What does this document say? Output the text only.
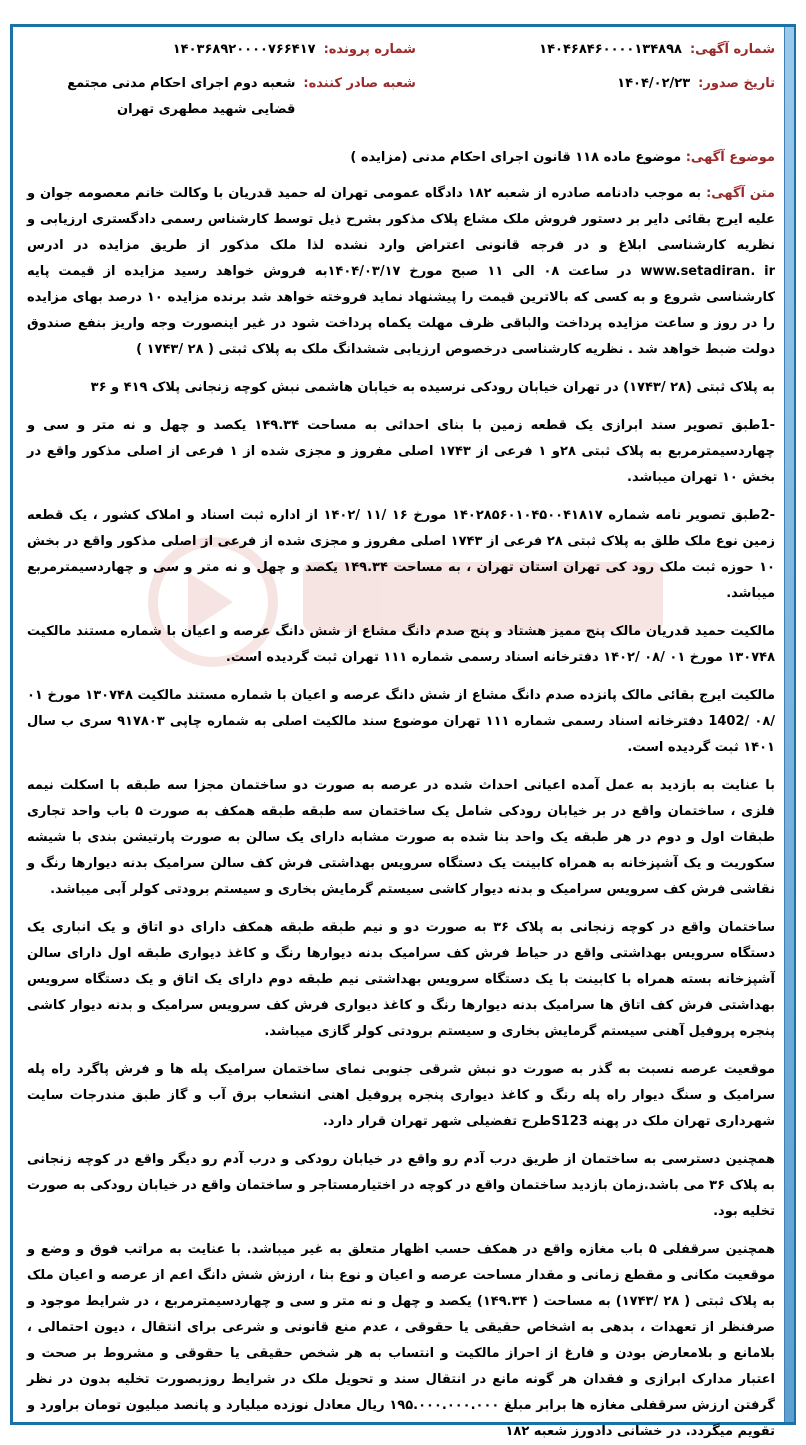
شماره آگهی:
۱۴۰۴۶۸۴۶۰۰۰۰۱۳۴۸۹۸
شماره پرونده:
۱۴۰۳۶۸۹۲۰۰۰۰۷۶۶۴۱۷
تاریخ صدور:
۱۴۰۴/۰۲/۲۳
شعبه صادر کننده:
شعبه دوم اجرای احکام مدنی مجتمع قضایی شهید مطهری تهران
موضوع آگهی: موضوع ماده ۱۱۸ قانون اجرای احکام مدنی (مزایده )

متن آگهی: به موجب دادنامه صادره از شعبه ۱۸۲ دادگاه عمومی تهران له حمید قدریان با وکالت خانم معصومه جوان و علیه ایرج بقائی دایر بر دستور فروش ملک مشاع پلاک مذکور بشرح ذیل توسط کارشناس رسمی دادگستری ارزیابی و نظریه کارشناسی ابلاغ و در فرجه قانونی اعتراض وارد نشده لذا ملک مذکور از طریق مزایده در ادرس www.setadiran. ir در ساعت ۰۸ الی ۱۱ صبح مورخ ۱۴۰۴/۰۳/۱۷به فروش خواهد رسید مزایده از قیمت پایه کارشناسی شروع و به کسی که بالاترین قیمت را پیشنهاد نماید فروخته خواهد شد برنده مزایده ۱۰ درصد بهای مزایده را در روز و ساعت مزایده پرداخت والباقی ظرف مهلت یکماه پرداخت شود در غیر اینصورت وجه واریز بنفع صندوق دولت ضبط خواهد شد . نظریه کارشناسی درخصوص ارزیابی ششدانگ ملک به پلاک ثبتی ( ۲۸ /۱۷۴۳ )

به پلاک ثبتی (۲۸ /۱۷۴۳) در تهران خیابان رودکی نرسیده به خیابان هاشمی نبش کوچه زنجانی پلاک ۴۱۹ و ۳۶

-1طبق تصویر سند ابرازی یک قطعه زمین با بنای احداثی به مساحت ۱۴۹.۳۴ یکصد و چهل و نه متر و سی و چهاردسیمترمربع به پلاک ثبتی ۲۸و ۱ فرعی از ۱۷۴۳ اصلی مفروز و مجزی شده از ۱ فرعی از اصلی مذکور واقع در بخش ۱۰ تهران میباشد.

-2طبق تصویر نامه شماره ۱۴۰۲۸۵۶۰۱۰۴۵۰۰۴۱۸۱۷ مورخ ۱۶ /۱۱ /۱۴۰۲ از اداره ثبت اسناد و املاک کشور ، یک قطعه زمین نوع ملک طلق به پلاک ثبتی ۲۸ فرعی از ۱۷۴۳ اصلی مفروز و مجزی شده از فرعی از اصلی مذکور واقع در بخش ۱۰ حوزه ثبت ملک رود کی تهران استان تهران ، به مساحت ۱۴۹.۳۴ یکصد و چهل و نه متر و سی و چهاردسیمترمربع میباشد.

مالکیت حمید قدریان مالک پنج ممیز هشتاد و پنج صدم دانگ مشاع از شش دانگ عرصه و اعیان با شماره مستند مالکیت ۱۳۰۷۴۸ مورخ ۰۱ /۰۸ /۱۴۰۲ دفترخانه اسناد رسمی شماره ۱۱۱ تهران ثبت گردیده است.

مالکیت ایرج بقائی مالک پانزده صدم دانگ مشاع از شش دانگ عرصه و اعیان با شماره مستند مالکیت ۱۳۰۷۴۸ مورخ ۰۱ /۰۸ /1402 دفترخانه اسناد رسمی شماره ۱۱۱ تهران موضوع سند مالکیت اصلی به شماره چاپی ۹۱۷۸۰۳ سری ب سال ۱۴۰۱ ثبت گردیده است.

با عنایت به بازدید به عمل آمده اعیانی احداث شده در عرصه به صورت دو ساختمان مجزا سه طبقه با اسکلت نیمه فلزی ، ساختمان واقع در بر خیابان رودکی شامل یک ساختمان سه طبقه طبقه همکف به صورت ۵ باب واحد تجاری طبقات اول و دوم در هر طبقه یک واحد بنا شده به صورت مشابه دارای یک سالن به صورت پارتیشن بندی با شیشه سکوریت و یک آشپزخانه به همراه کابینت یک دستگاه سرویس بهداشتی فرش کف سالن سرامیک بدنه دیوارها رنگ و نقاشی فرش کف سرویس سرامیک و بدنه دیوار کاشی سیستم گرمایش بخاری و سیستم برودتی کولر آبی میباشد.

ساختمان واقع در کوچه زنجانی به پلاک ۳۶ به صورت دو و نیم طبقه طبقه همکف دارای دو اتاق و یک انباری یک دستگاه سرویس بهداشتی واقع در حیاط فرش کف سرامیک بدنه دیوارها رنگ و کاغذ دیواری طبقه اول دارای سالن آشپزخانه بسته همراه با کابینت با یک دستگاه سرویس بهداشتی نیم طبقه دوم دارای یک اتاق و یک دستگاه سرویس بهداشتی فرش کف اتاق ها سرامیک بدنه دیوارها رنگ و کاغذ دیواری فرش کف سرویس سرامیک و بدنه دیوار کاشی پنجره پروفیل آهنی سیستم گرمایش بخاری و سیستم برودتی کولر گازی میباشد.

موقعیت عرصه نسبت به گذر به صورت دو نبش شرقی جنوبی نمای ساختمان سرامیک پله ها و فرش پاگرد راه پله سرامیک و سنگ دیوار راه پله رنگ و کاغذ دیواری پنجره پروفیل اهنی انشعاب برق آب و گاز طبق مندرجات سایت شهرداری تهران ملک در پهنه S123طرح تفضیلی شهر تهران قرار دارد.

همچنین دسترسی به ساختمان از طریق درب آدم رو واقع در خیابان رودکی و درب آدم رو دیگر واقع در کوچه زنجانی به پلاک ۳۶ می باشد.زمان بازدید ساختمان واقع در کوچه در اختیارمستاجر و ساختمان واقع در خیابان رودکی به صورت تخلیه بود.

همچنین سرقفلی ۵ باب مغازه واقع در همکف حسب اظهار متعلق به غیر میباشد. با عنایت به مراتب فوق و وضع و موقعیت مکانی و مقطع زمانی و مقدار مساحت عرصه و اعیان و نوع بنا ، ارزش شش دانگ اعم از عرصه و اعیان ملک به پلاک ثبتی ( ۲۸ /۱۷۴۳) به مساحت ( ۱۴۹.۳۴) یکصد و چهل و نه متر و سی و چهاردسیمترمربع ، در شرایط موجود و صرفنظر از تعهدات ، بدهی به اشخاص حقیقی یا حقوقی ، عدم منع قانونی و شرعی برای انتقال ، دیون احتمالی ، بلامانع و بلامعارض بودن و فارغ از احراز مالکیت و انتساب به هر شخص حقیقی یا حقوقی و مشروط بر صحت و اعتبار مدارک ابرازی و فقدان هر گونه مانع در انتقال سند و تحویل ملک در شرایط روزبصورت تخلیه بدون در نظر گرفتن ارزش سرقفلی مغازه ها برابر مبلغ ۱۹۵.۰۰۰.۰۰۰.۰۰۰ ریال معادل نوزده میلیارد و پانصد میلیون تومان براورد و تقویم میگردد. در خشانی دادورز شعبه ۱۸۲
